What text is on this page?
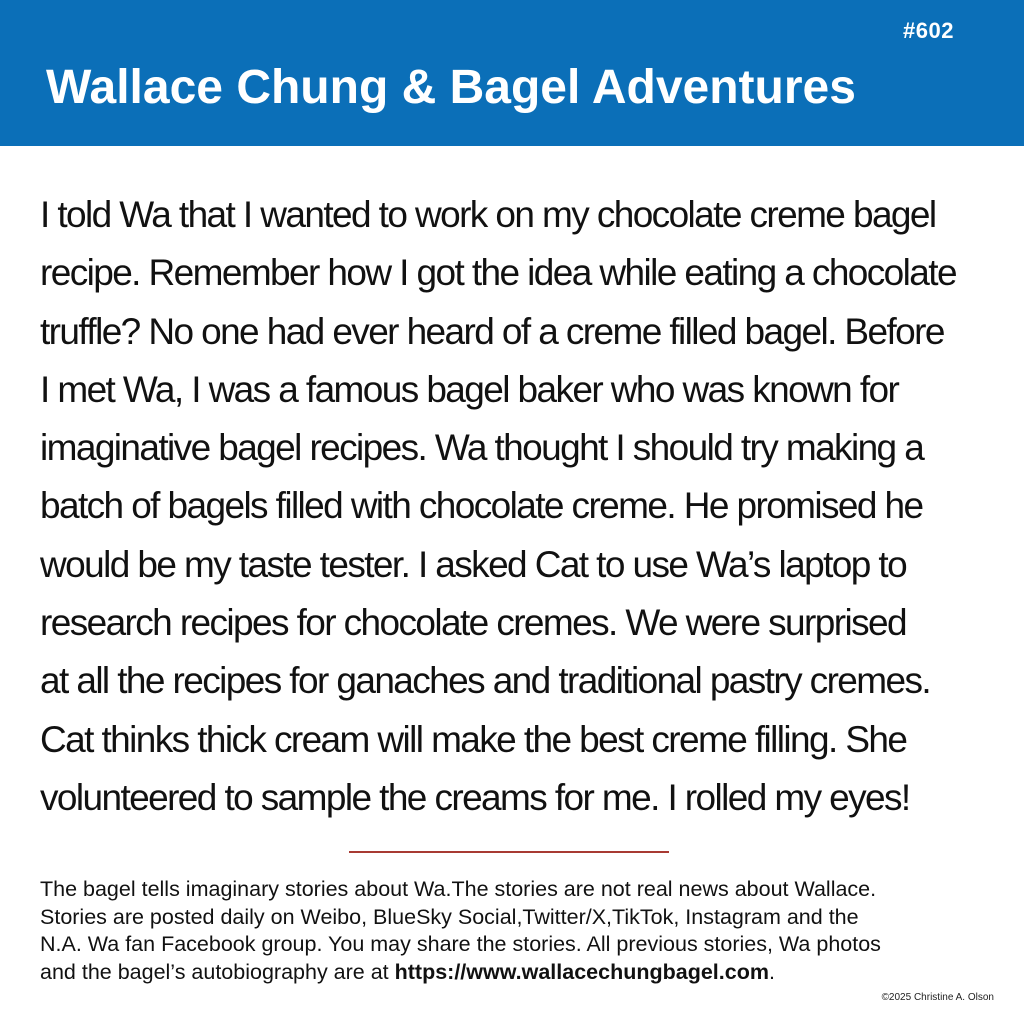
#602
Wallace Chung & Bagel Adventures
I told Wa that I wanted to work on my chocolate creme bagel
recipe. Remember how I got the idea while eating a chocolate
truffle? No one had ever heard of a creme filled bagel. Before
I met Wa, I was a famous bagel baker who was known for
imaginative bagel recipes. Wa thought I should try making a
batch of bagels filled with chocolate creme. He promised he
would be my taste tester. I asked Cat to use Wa’s laptop to
research recipes for chocolate cremes. We were surprised
at all the recipes for ganaches and traditional pastry cremes.
Cat thinks thick cream will make the best creme filling. She
volunteered to sample the creams for me. I rolled my eyes!
The bagel tells imaginary stories about Wa.The stories are not real news about Wallace.
Stories are posted daily on Weibo, BlueSky Social,Twitter/X,TikTok, Instagram and the
N.A. Wa fan Facebook group. You may share the stories. All previous stories, Wa photos
and the bagel’s autobiography are at https://www.wallacechungbagel.com.
©2025 Christine A. Olson
